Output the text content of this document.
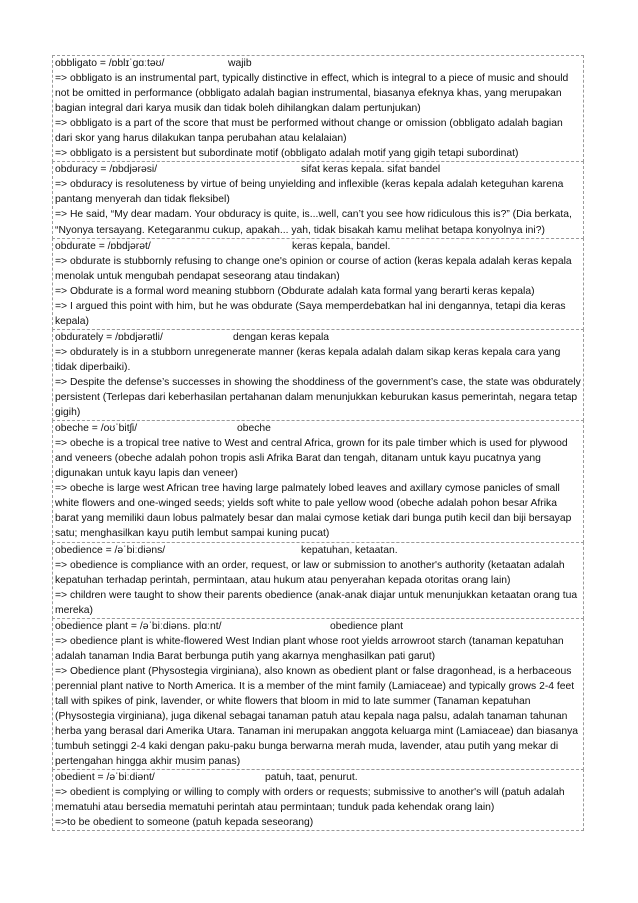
obbligato = /ɒblɪˈɡɑːtəʊ/	wajib
=> obbligato is an instrumental part, typically distinctive in effect, which is integral to a piece of music and should not be omitted in performance (obbligato adalah bagian instrumental, biasanya efeknya khas, yang merupakan bagian integral dari karya musik dan tidak boleh dihilangkan dalam pertunjukan)
=> obbligato is a part of the score that must be performed without change or omission (obbligato adalah bagian dari skor yang harus dilakukan tanpa perubahan atau kelalaian)
=> obbligato is a persistent but subordinate motif (obbligato adalah motif yang gigih tetapi subordinat)
obduracy = /ɒbdjərəsi/	sifat keras kepala. sifat bandel
=> obduracy is resoluteness by virtue of being unyielding and inflexible (keras kepala adalah keteguhan karena pantang menyerah dan tidak fleksibel)
=> He said, “My dear madam. Your obduracy is quite, is...well, can’t you see how ridiculous this is?” (Dia berkata, “Nyonya tersayang. Ketegaranmu cukup, apakah... yah, tidak bisakah kamu melihat betapa konyolnya ini?)
obdurate = /ɒbdjərət/	keras kepala, bandel.
=> obdurate is stubbornly refusing to change one's opinion or course of action (keras kepala adalah keras kepala menolak untuk mengubah pendapat seseorang atau tindakan)
=> Obdurate is a formal word meaning stubborn (Obdurate adalah kata formal yang berarti keras kepala)
=> I argued this point with him, but he was obdurate (Saya memperdebatkan hal ini dengannya, tetapi dia keras kepala)
obdurately = /ɒbdjərətli/	dengan keras kepala
=> obdurately is in a stubborn unregenerate manner (keras kepala adalah dalam sikap keras kepala cara yang tidak diperbaiki).
=> Despite the defense’s successes in showing the shoddiness of the government’s case, the state was obdurately persistent (Terlepas dari keberhasilan pertahanan dalam menunjukkan keburukan kasus pemerintah, negara tetap gigih)
obeche = /oʊˈbitʃi/	obeche
=> obeche is a tropical tree native to West and central Africa, grown for its pale timber which is used for plywood and veneers (obeche adalah pohon tropis asli Afrika Barat dan tengah, ditanam untuk kayu pucatnya yang digunakan untuk kayu lapis dan veneer)
=> obeche is large west African tree having large palmately lobed leaves and axillary cymose panicles of small white flowers and one-winged seeds; yields soft white to pale yellow wood (obeche adalah pohon besar Afrika barat yang memiliki daun lobus palmately besar dan malai cymose ketiak dari bunga putih kecil dan biji bersayap satu; menghasilkan kayu putih lembut sampai kuning pucat)
obedience = /əˈbiːdiəns/	kepatuhan, ketaatan.
=> obedience is compliance with an order, request, or law or submission to another's authority (ketaatan adalah kepatuhan terhadap perintah, permintaan, atau hukum atau penyerahan kepada otoritas orang lain)
=> children were taught to show their parents obedience (anak-anak diajar untuk menunjukkan ketaatan orang tua mereka)
obedience plant = /əˈbiːdiəns. plɑːnt/	obedience plant
=> obedience plant is white-flowered West Indian plant whose root yields arrowroot starch (tanaman kepatuhan adalah tanaman India Barat berbunga putih yang akarnya menghasilkan pati garut)
=> Obedience plant (Physostegia virginiana), also known as obedient plant or false dragonhead, is a herbaceous perennial plant native to North America. It is a member of the mint family (Lamiaceae) and typically grows 2-4 feet tall with spikes of pink, lavender, or white flowers that bloom in mid to late summer (Tanaman kepatuhan (Physostegia virginiana), juga dikenal sebagai tanaman patuh atau kepala naga palsu, adalah tanaman tahunan herba yang berasal dari Amerika Utara. Tanaman ini merupakan anggota keluarga mint (Lamiaceae) dan biasanya tumbuh setinggi 2-4 kaki dengan paku-paku bunga berwarna merah muda, lavender, atau putih yang mekar di pertengahan hingga akhir musim panas)
obedient = /əˈbiːdiənt/	patuh, taat, penurut.
=> obedient is complying or willing to comply with orders or requests; submissive to another's will (patuh adalah mematuhi atau bersedia mematuhi perintah atau permintaan; tunduk pada kehendak orang lain)
=>to be obedient to someone (patuh kepada seseorang)
